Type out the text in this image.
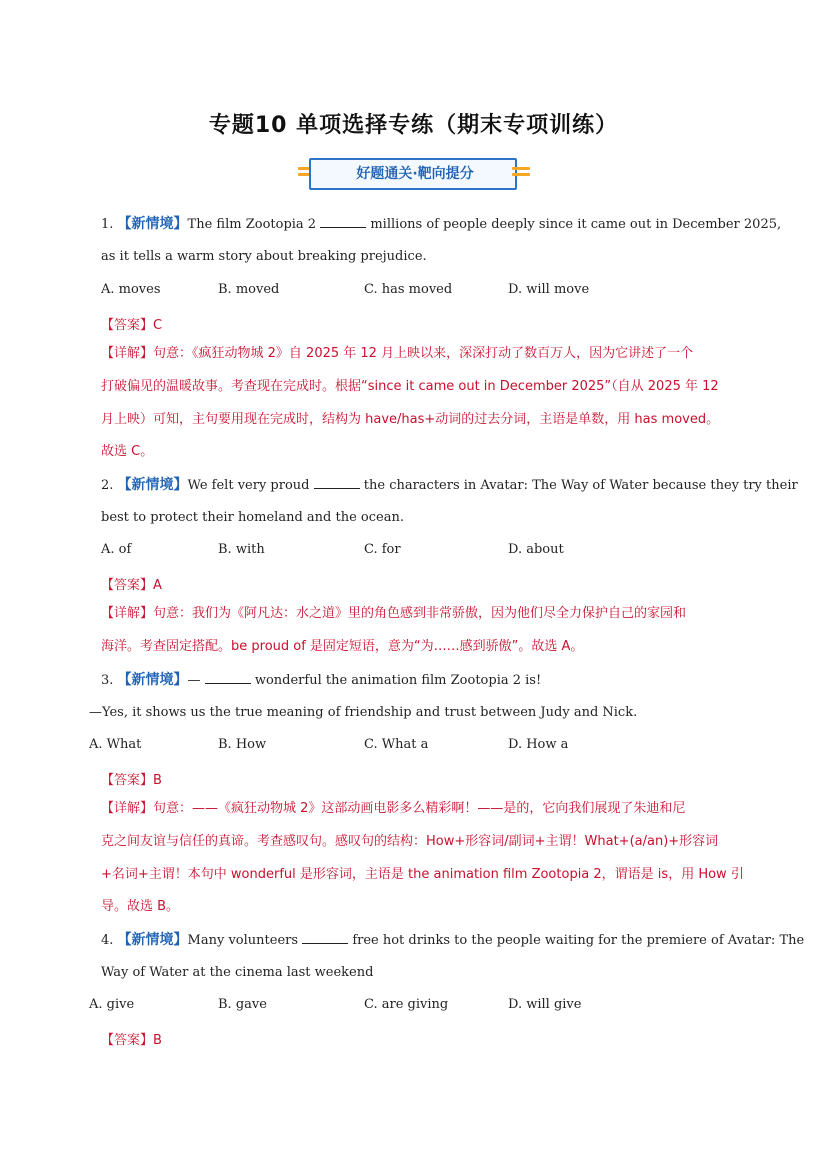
专题10 单项选择专练（期末专项训练）
好题通关·靶向提分
1. 【新情境】The film Zootopia 2	millions of people deeply since it came out in December 2025,
as it tells a warm story about breaking prejudice.
A. moves	B. moved	C. has moved	D. will move
【答案】C
【详解】句意：《疯狂动物城 2》自 2025 年 12 月上映以来，深深打动了数百万人，因为它讲述了一个
打破偏见的温暖故事。考查现在完成时。根据“since it came out in December 2025”（自从 2025 年 12
月上映）可知，主句要用现在完成时，结构为 have/has+动词的过去分词，主语是单数，用 has moved。
故选 C。
2. 【新情境】We felt very proud	the characters in Avatar: The Way of Water because they try their
best to protect their homeland and the ocean.
A. of	B. with	C. for	D. about
【答案】A
【详解】句意：我们为《阿凡达：水之道》里的角色感到非常骄傲，因为他们尽全力保护自己的家园和
海洋。考查固定搭配。be proud of 是固定短语，意为“为……感到骄傲”。故选 A。
3. 【新情境】—	wonderful the animation film Zootopia 2 is!
—Yes, it shows us the true meaning of friendship and trust between Judy and Nick.
A. What	B. How	C. What a	D. How a
【答案】B
【详解】句意：——《疯狂动物城 2》这部动画电影多么精彩啊！——是的，它向我们展现了朱迪和尼
克之间友谊与信任的真谛。考查感叹句。感叹句的结构：How+形容词/副词+主谓！What+(a/an)+形容词
+名词+主谓！本句中 wonderful 是形容词，主语是 the animation film Zootopia 2，谓语是 is，用 How 引
导。故选 B。
4. 【新情境】Many volunteers	free hot drinks to the people waiting for the premiere of Avatar: The
Way of Water at the cinema last weekend
A. give	B. gave	C. are giving	D. will give
【答案】B
